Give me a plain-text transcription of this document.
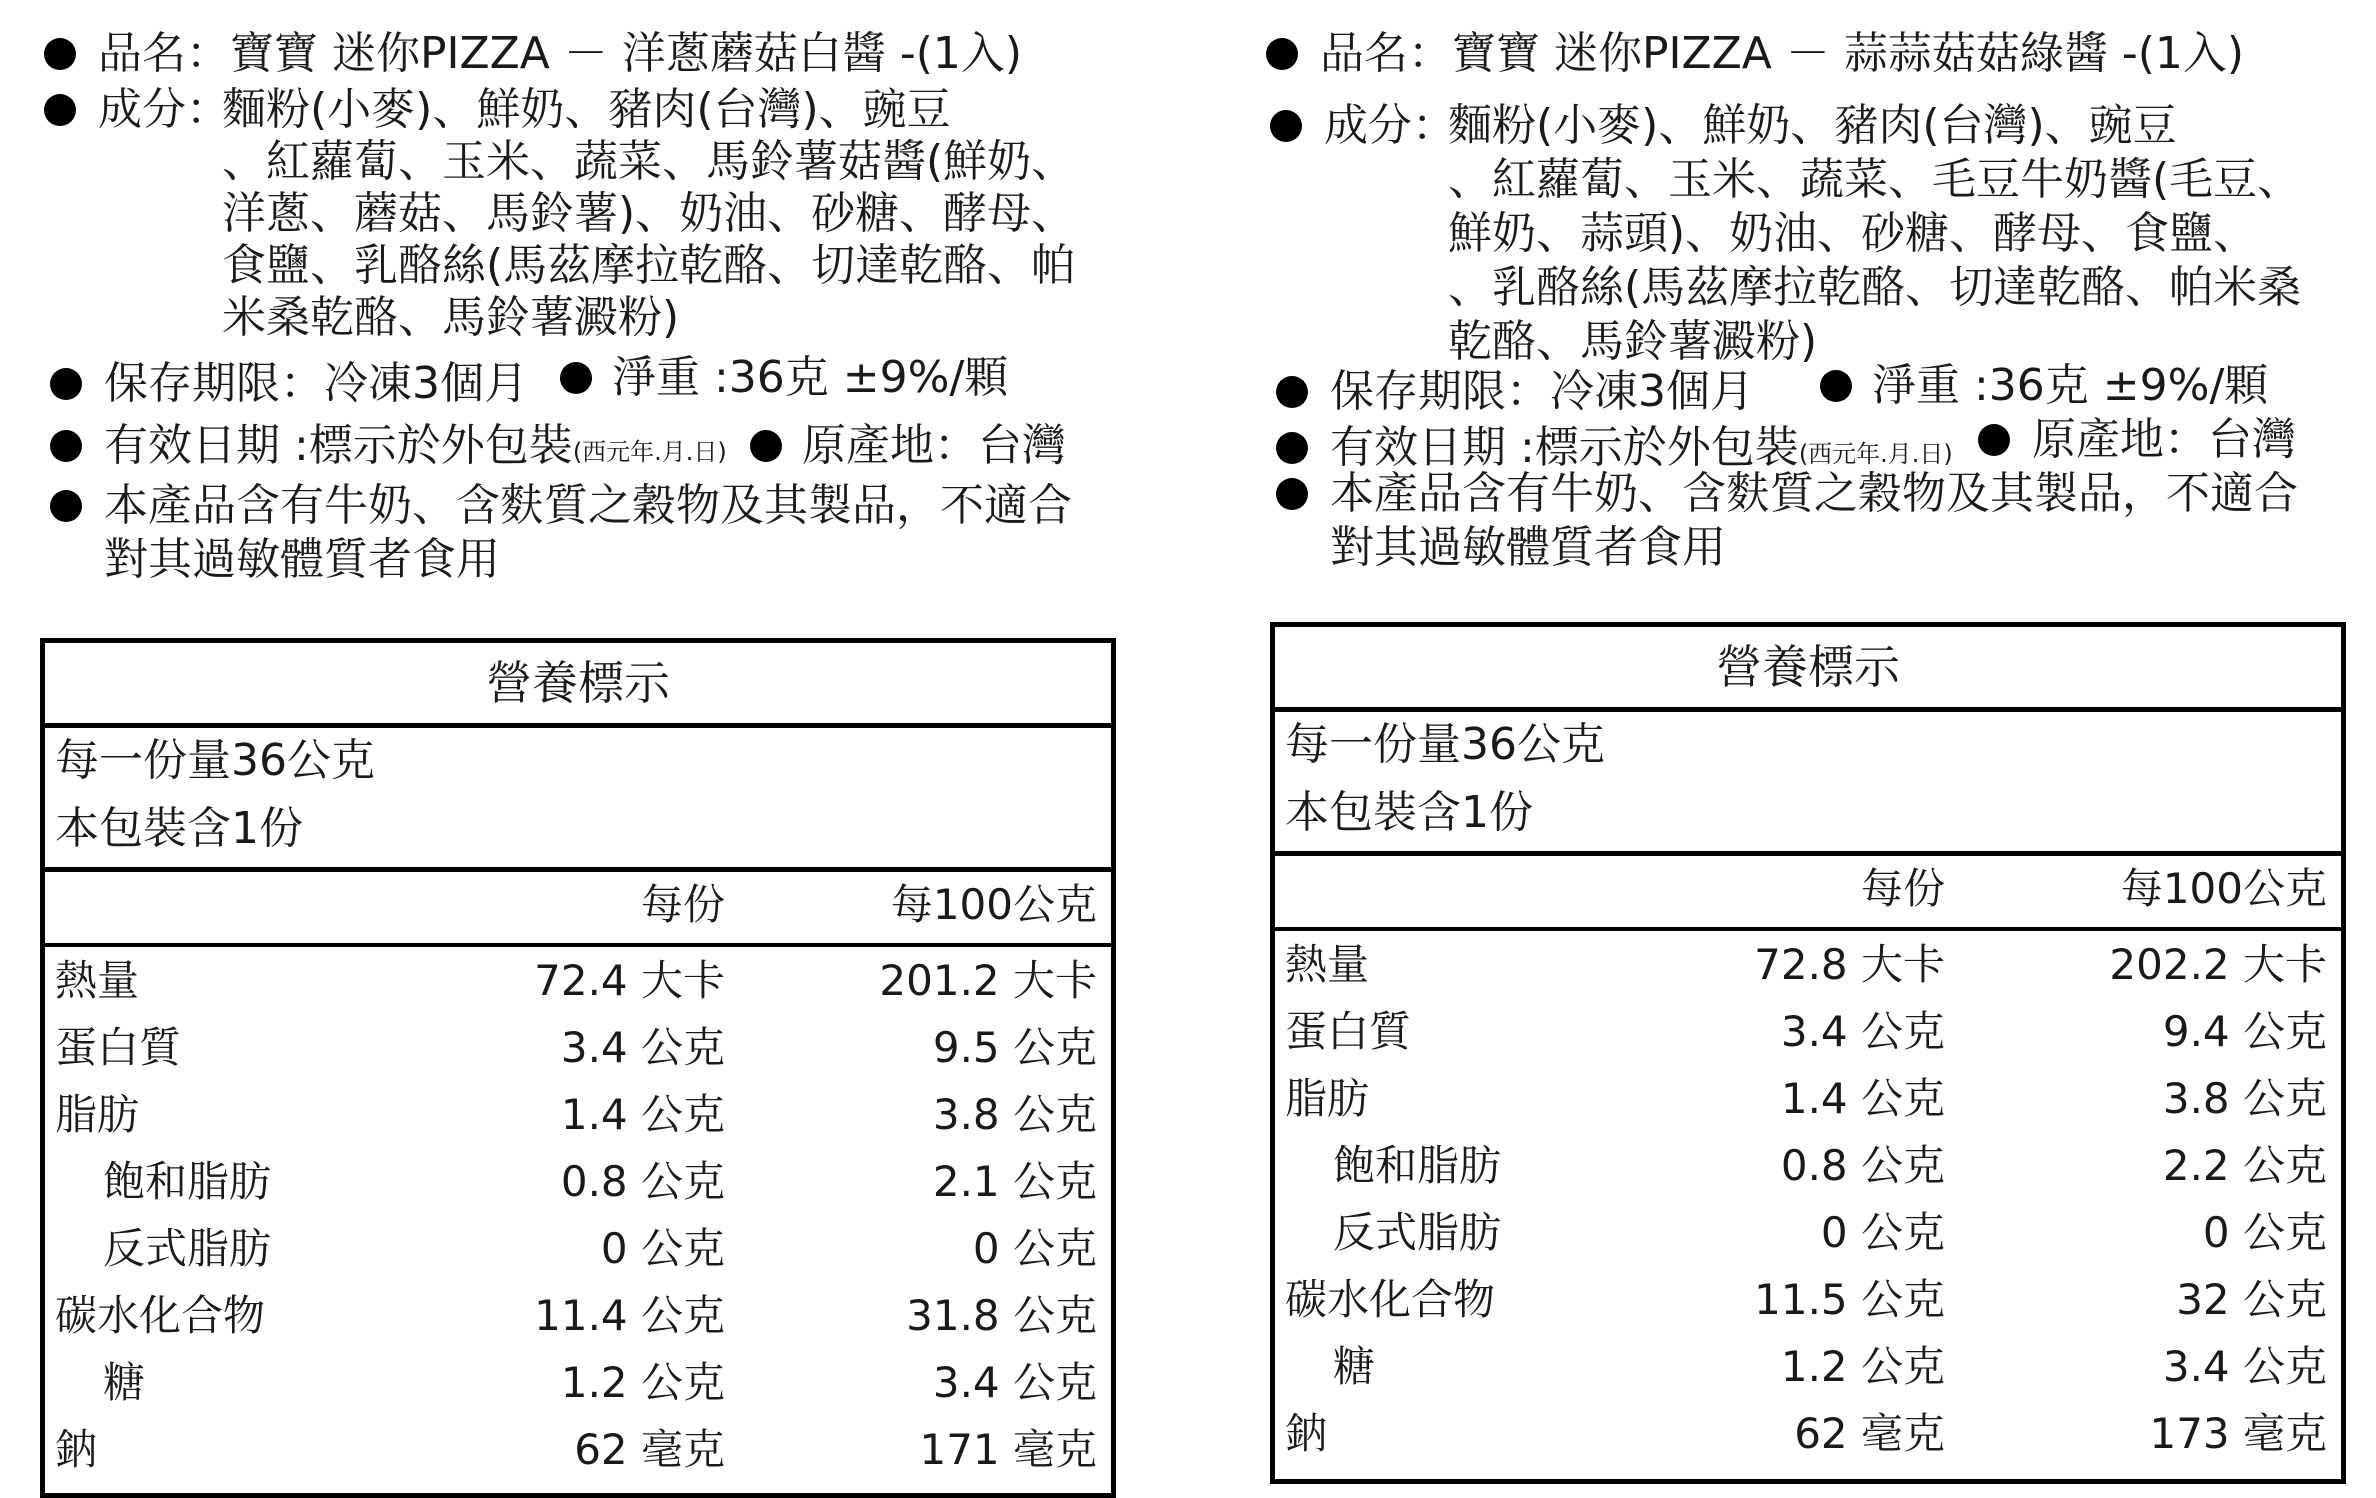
品名：寶寶 迷你PIZZA － 洋蔥蘑菇白醬 -(1入)
成分：
麵粉(小麥)、鮮奶、豬肉(台灣)、豌豆
、紅蘿蔔、玉米、蔬菜、馬鈴薯菇醬(鮮奶、
洋蔥、蘑菇、馬鈴薯)、奶油、砂糖、酵母、
食鹽、乳酪絲(馬茲摩拉乾酪、切達乾酪、帕
米桑乾酪、馬鈴薯澱粉)
保存期限：冷凍3個月 淨重 :36克 ±9%/顆
有效日期 :標示於外包裝(西元年.月.日) 原產地：台灣
本產品含有牛奶、含麩質之穀物及其製品，不適合
對其過敏體質者食用
營養標示
每一份量36公克
本包裝含1份
每份	每100公克
熱量	72.4 大卡	201.2 大卡
蛋白質	3.4 公克	9.5 公克
脂肪	1.4 公克	3.8 公克
飽和脂肪	0.8 公克	2.1 公克
反式脂肪	0 公克	0 公克
碳水化合物	11.4 公克	31.8 公克
糖	1.2 公克	3.4 公克
鈉	62 毫克	171 毫克
品名：寶寶 迷你PIZZA － 蒜蒜菇菇綠醬 -(1入)
成分：
麵粉(小麥)、鮮奶、豬肉(台灣)、豌豆
、紅蘿蔔、玉米、蔬菜、毛豆牛奶醬(毛豆、
鮮奶、蒜頭)、奶油、砂糖、酵母、食鹽、
、乳酪絲(馬茲摩拉乾酪、切達乾酪、帕米桑
乾酪、馬鈴薯澱粉)
保存期限：冷凍3個月	淨重 :36克 ±9%/顆
有效日期 :標示於外包裝(西元年.月.日) 原產地：台灣
本產品含有牛奶、含麩質之穀物及其製品，不適合
對其過敏體質者食用
營養標示
每一份量36公克
本包裝含1份
每份	每100公克
熱量	72.8 大卡	202.2 大卡
蛋白質	3.4 公克	9.4 公克
脂肪	1.4 公克	3.8 公克
飽和脂肪	0.8 公克	2.2 公克
反式脂肪	0 公克	0 公克
碳水化合物	11.5 公克	32 公克
糖	1.2 公克	3.4 公克
鈉	62 毫克	173 毫克
